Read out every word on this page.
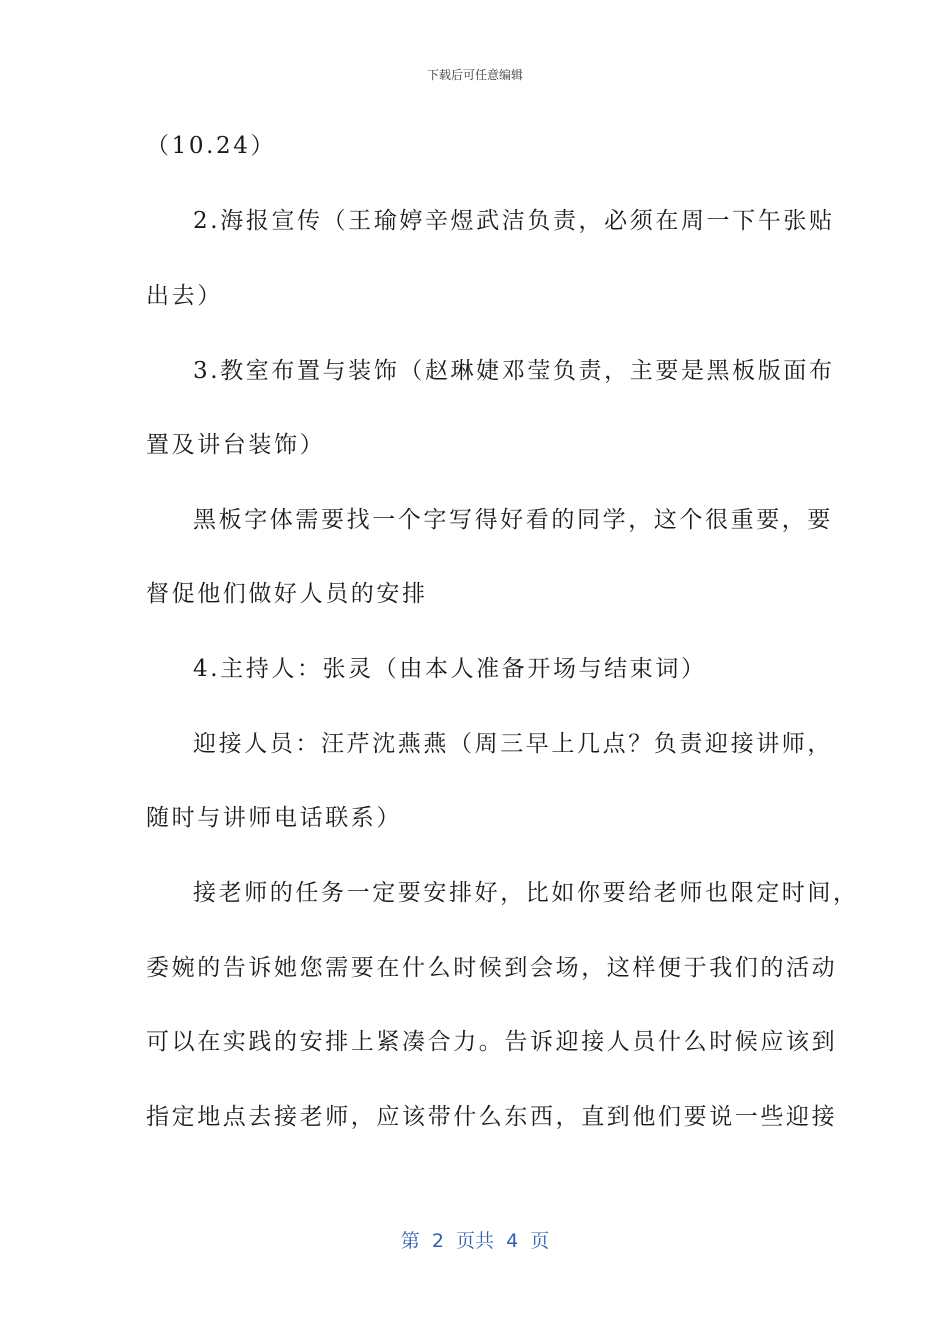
下载后可任意编辑
（10.24）
2.海报宣传（王瑜婷辛煜武洁负责，必须在周一下午张贴
出去）
3.教室布置与装饰（赵琳婕邓莹负责，主要是黑板版面布
置及讲台装饰）
黑板字体需要找一个字写得好看的同学，这个很重要，要
督促他们做好人员的安排
4.主持人：张灵（由本人准备开场与结束词）
迎接人员：汪芹沈燕燕（周三早上几点？负责迎接讲师，
随时与讲师电话联系）
接老师的任务一定要安排好，比如你要给老师也限定时间，
委婉的告诉她您需要在什么时候到会场，这样便于我们的活动
可以在实践的安排上紧凑合力。告诉迎接人员什么时候应该到
指定地点去接老师，应该带什么东西，直到他们要说一些迎接
第  2  页共  4  页
